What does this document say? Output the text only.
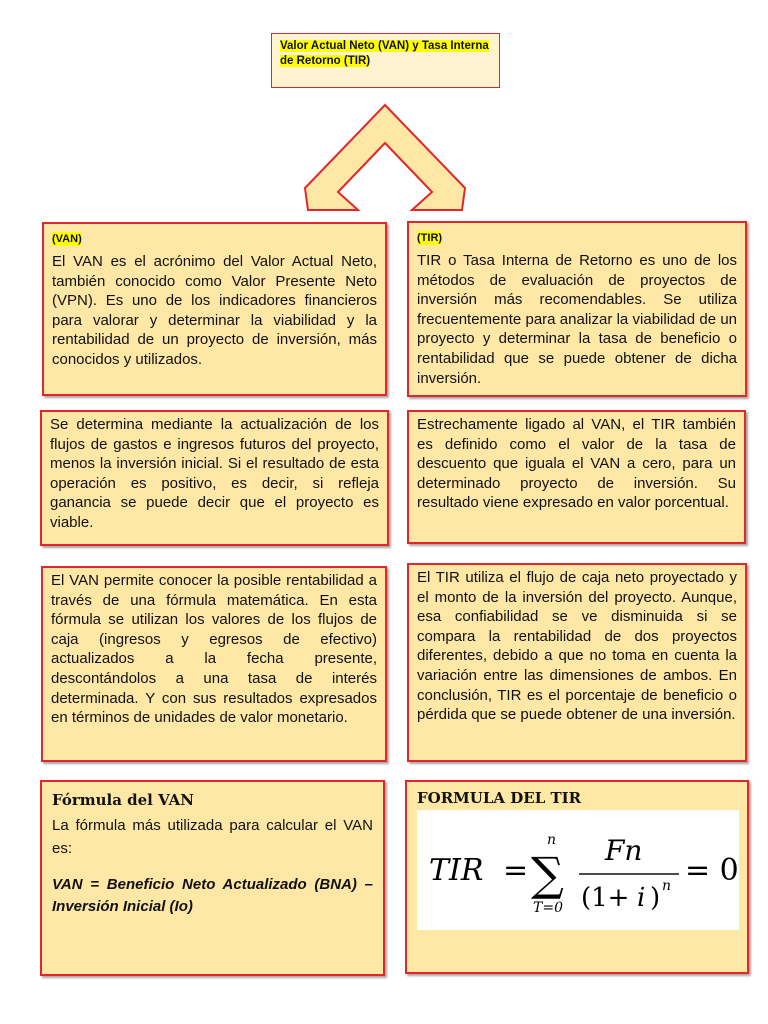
Valor Actual Neto (VAN) y Tasa Interna de Retorno (TIR)
(VAN)
El VAN es el acrónimo del Valor Actual Neto, también conocido como Valor Presente Neto (VPN). Es uno de los indicadores financieros para valorar y determinar la viabilidad y la rentabilidad de un proyecto de inversión, más conocidos y utilizados.
(TIR)
TIR o Tasa Interna de Retorno es uno de los métodos de evaluación de proyectos de inversión más recomendables. Se utiliza frecuentemente para analizar la viabilidad de un proyecto y determinar la tasa de beneficio o rentabilidad que se puede obtener de dicha inversión.
Se determina mediante la actualización de los flujos de gastos e ingresos futuros del proyecto, menos la inversión inicial. Si el resultado de esta operación es positivo, es decir, si refleja ganancia se puede decir que el proyecto es viable.
Estrechamente ligado al VAN, el TIR también es definido como el valor de la tasa de descuento que iguala el VAN a cero, para un determinado proyecto de inversión. Su resultado viene expresado en valor porcentual.
El VAN permite conocer la posible rentabilidad a través de una fórmula matemática. En esta fórmula se utilizan los valores de los flujos de caja (ingresos y egresos de efectivo) actualizados a la fecha presente, descontándolos a una tasa de interés determinada. Y con sus resultados expresados en términos de unidades de valor monetario.
El TIR utiliza el flujo de caja neto proyectado y el monto de la inversión del proyecto. Aunque, esa confiabilidad se ve disminuida si se compara la rentabilidad de dos proyectos diferentes, debido a que no toma en cuenta la variación entre las dimensiones de ambos. En conclusión, TIR es el porcentaje de beneficio o pérdida que se puede obtener de una inversión.
Fórmula del VAN
La fórmula más utilizada para calcular el VAN es:
VAN = Beneficio Neto Actualizado (BNA) – Inversión Inicial (Io)
FORMULA DEL TIR
TIR = ∑
n
T=0
Fn
(1+ i ) n = 0
